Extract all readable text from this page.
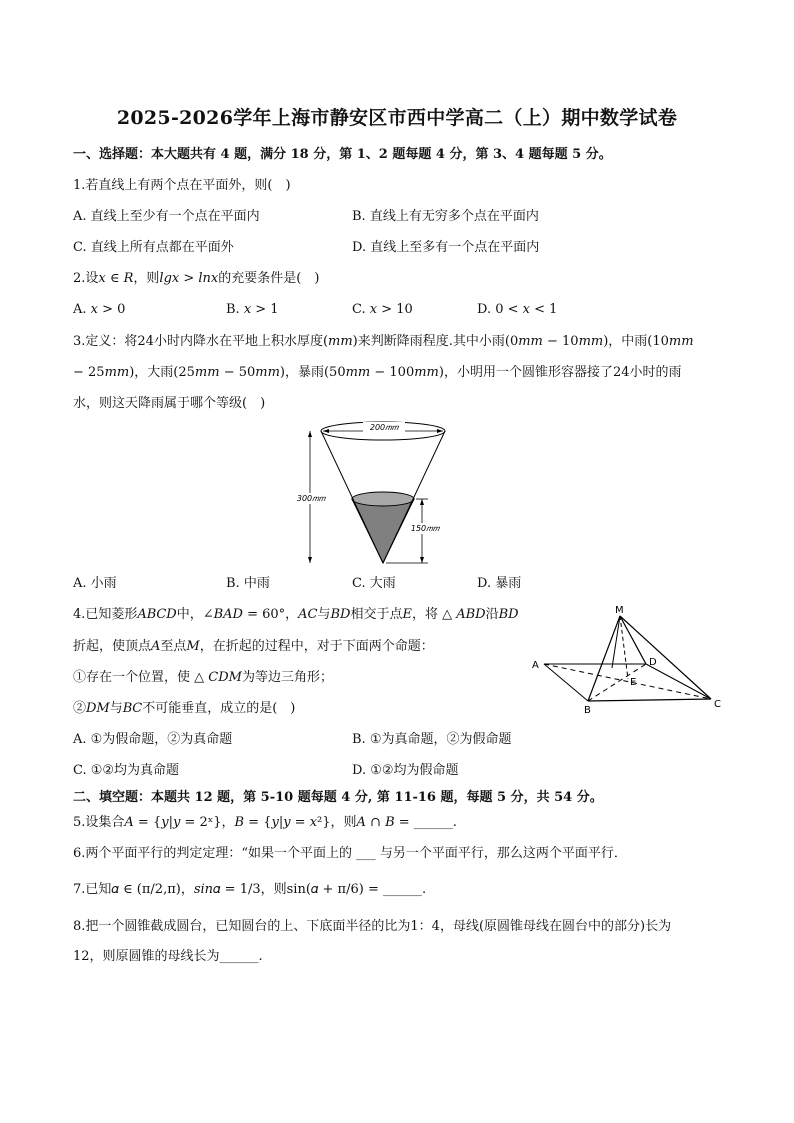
2025-2026学年上海市静安区市西中学高二（上）期中数学试卷
一、选择题：本大题共有 4 题，满分 18 分，第 1、2 题每题 4 分，第 3、4 题每题 5 分。
1.若直线上有两个点在平面外，则(　)
A. 直线上至少有一个点在平面内	B. 直线上有无穷多个点在平面内
C. 直线上所有点都在平面外	D. 直线上至多有一个点在平面内
2.设𝑥 ∈ 𝑅，则𝑙𝑔𝑥 > 𝑙𝑛𝑥的充要条件是(　)
A. 𝑥 > 0	B. 𝑥 > 1	C. 𝑥 > 10	D. 0 < 𝑥 < 1
3.定义：将24小时内降水在平地上积水厚度(𝑚𝑚)来判断降雨程度.其中小雨(0𝑚𝑚 − 10𝑚𝑚)，中雨(10𝑚𝑚
− 25𝑚𝑚)，大雨(25𝑚𝑚 − 50𝑚𝑚)，暴雨(50𝑚𝑚 − 100𝑚𝑚)，小明用一个圆锥形容器接了24小时的雨
水，则这天降雨属于哪个等级(　)
200𝑚𝑚
300𝑚𝑚
150𝑚𝑚
A. 小雨	B. 中雨	C. 大雨	D. 暴雨
4.已知菱形𝐴𝐵𝐶𝐷中，∠𝐵𝐴𝐷 = 60°，𝐴𝐶与𝐵𝐷相交于点𝐸，将 △ 𝐴𝐵𝐷沿𝐵𝐷
折起，使顶点𝐴至点𝑀，在折起的过程中，对于下面两个命题：
①存在一个位置，使 △ 𝐶𝐷𝑀为等边三角形；
②𝐷𝑀与𝐵𝐶不可能垂直，成立的是(　)
M
A	D
E
B
C
A. ①为假命题，②为真命题	B. ①为真命题，②为假命题
C. ①②均为真命题	D. ①②均为假命题
二、填空题：本题共 12 题，第 5-10 题每题 4 分, 第 11-16 题，每题 5 分，共 54 分。
5.设集合𝐴 = {𝑦|𝑦 = 2ˣ}，𝐵 = {𝑦|𝑦 = 𝑥²}，则𝐴 ∩ 𝐵 = ______.
6.两个平面平行的判定定理：“如果一个平面上的 ___ 与另一个平面平行，那么这两个平面平行．
7.已知𝛼 ∈ (π/2,π)，𝑠𝑖𝑛𝛼 = 1/3，则sin(𝛼 + π/6) = ______.
8.把一个圆锥截成圆台，已知圆台的上、下底面半径的比为1：4，母线(原圆锥母线在圆台中的部分)长为
12，则原圆锥的母线长为______.
